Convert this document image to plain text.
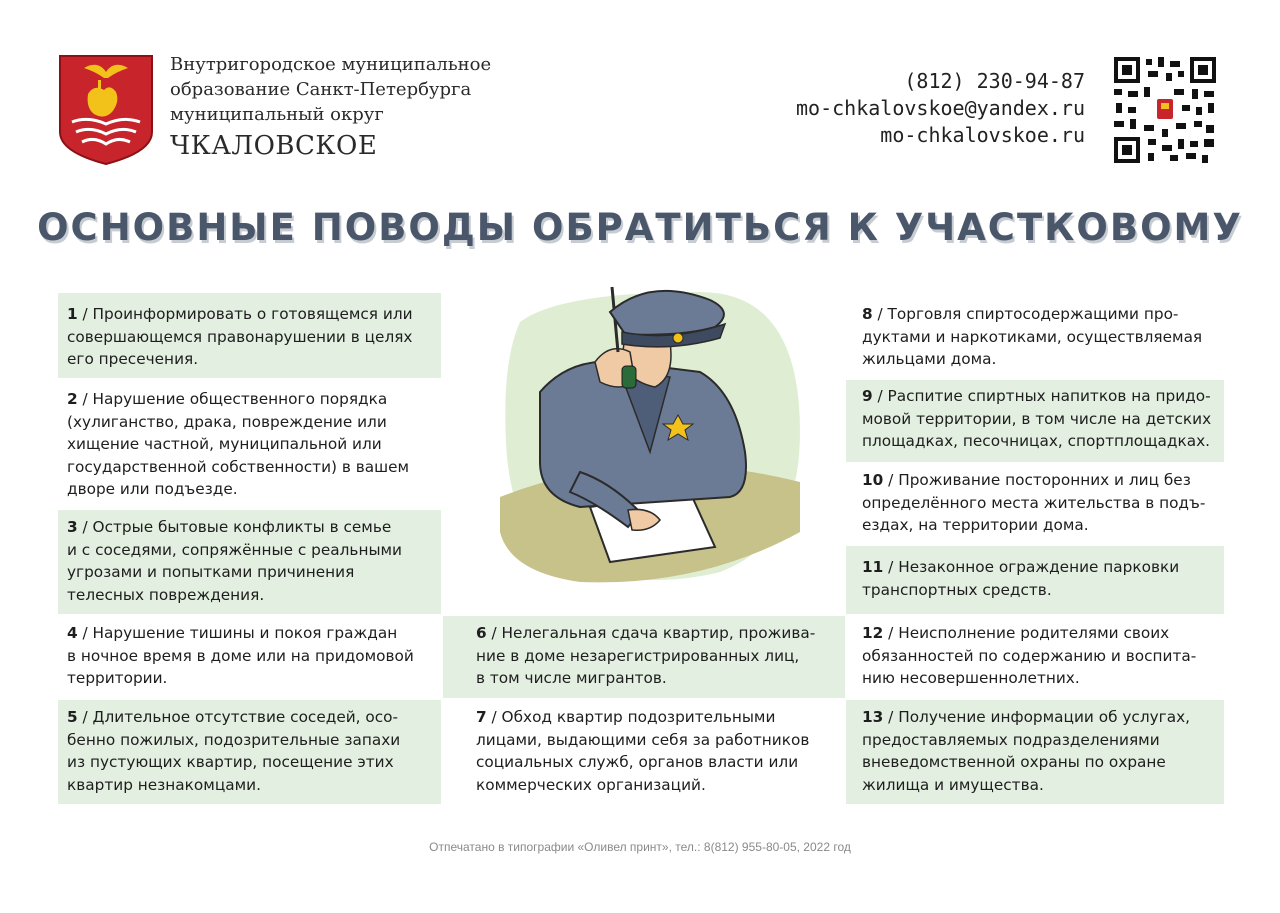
Внутригородское муниципальное
образование Санкт-Петербурга
муниципальный округ
ЧКАЛОВСКОЕ
(812) 230-94-87
mo-chkalovskoe@yandex.ru
mo-chkalovskoe.ru
ОСНОВНЫЕ ПОВОДЫ ОБРАТИТЬСЯ К УЧАСТКОВОМУ
1 / Проинформировать о готовящемся или
совершающемся правонарушении в целях
его пресечения.
2 / Нарушение общественного порядка
(хулиганство, драка, повреждение или
хищение частной, муниципальной или
государственной собственности) в вашем
дворе или подъезде.
3 / Острые бытовые конфликты в семье
и с соседями, сопряжённые с реальными
угрозами и попытками причинения
телесных повреждения.
4 / Нарушение тишины и покоя граждан
в ночное время в доме или на придомовой
территории.
5 / Длительное отсутствие соседей, осо-
бенно пожилых, подозрительные запахи
из пустующих квартир, посещение этих
квартир незнакомцами.
6 / Нелегальная сдача квартир, прожива-
ние в доме незарегистрированных лиц,
в том числе мигрантов.
7 / Обход квартир подозрительными
лицами, выдающими себя за работников
социальных служб, органов власти или
коммерческих организаций.
8 / Торговля спиртосодержащими про-
дуктами и наркотиками, осуществляемая
жильцами дома.
9 / Распитие спиртных напитков на придо-
мовой территории, в том числе на детских
площадках, песочницах, спортплощадках.
10 / Проживание посторонних и лиц без
определённого места жительства в подъ-
ездах, на территории дома.
11 / Незаконное ограждение парковки
транспортных средств.
12 / Неисполнение родителями своих
обязанностей по содержанию и воспита-
нию несовершеннолетних.
13 / Получение информации об услугах,
предоставляемых подразделениями
вневедомственной охраны по охране
жилища и имущества.
Отпечатано в типографии «Оливел принт», тел.: 8(812) 955-80-05, 2022 год
